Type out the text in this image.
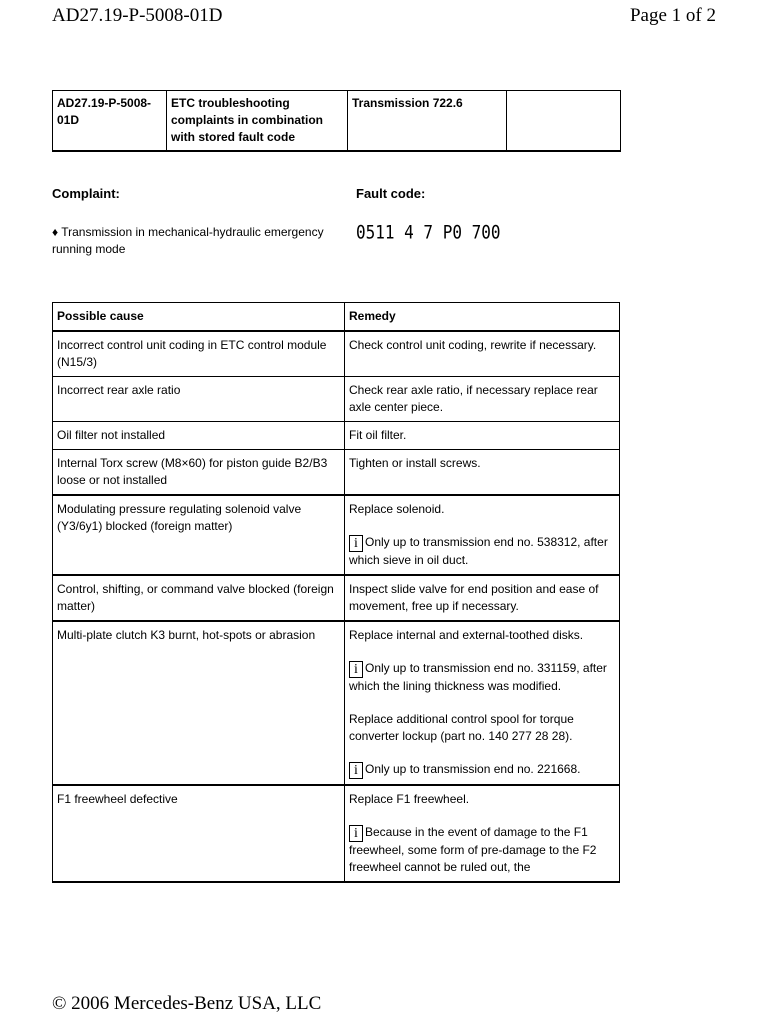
AD27.19-P-5008-01D	Page 1 of 2
AD27.19-P-5008-01D	ETC troubleshooting complaints in combination with stored fault code	Transmission 722.6	
Complaint:	Fault code:
♦ Transmission in mechanical-hydraulic emergency running mode
0511 4 7 P0 700
Possible cause	Remedy
Incorrect control unit coding in ETC control module (N15/3)	Check control unit coding, rewrite if necessary.

Incorrect rear axle ratio	Check rear axle ratio, if necessary replace rear axle center piece.

Oil filter not installed	Fit oil filter.

Internal Torx screw (M8×60) for piston guide B2/B3 loose or not installed	Tighten or install screws.

Modulating pressure regulating solenoid valve (Y3/6y1) blocked (foreign matter)	Replace solenoid.

i Only up to transmission end no. 538312, after which sieve in oil duct.

Control, shifting, or command valve blocked (foreign matter)	Inspect slide valve for end position and ease of movement, free up if necessary.

Multi-plate clutch K3 burnt, hot-spots or abrasion	Replace internal and external-toothed disks.

i Only up to transmission end no. 331159, after which the lining thickness was modified.

Replace additional control spool for torque converter lockup (part no. 140 277 28 28).

i Only up to transmission end no. 221668.

F1 freewheel defective	Replace F1 freewheel.

i Because in the event of damage to the F1 freewheel, some form of pre-damage to the F2 freewheel cannot be ruled out, the

© 2006 Mercedes-Benz USA, LLC
